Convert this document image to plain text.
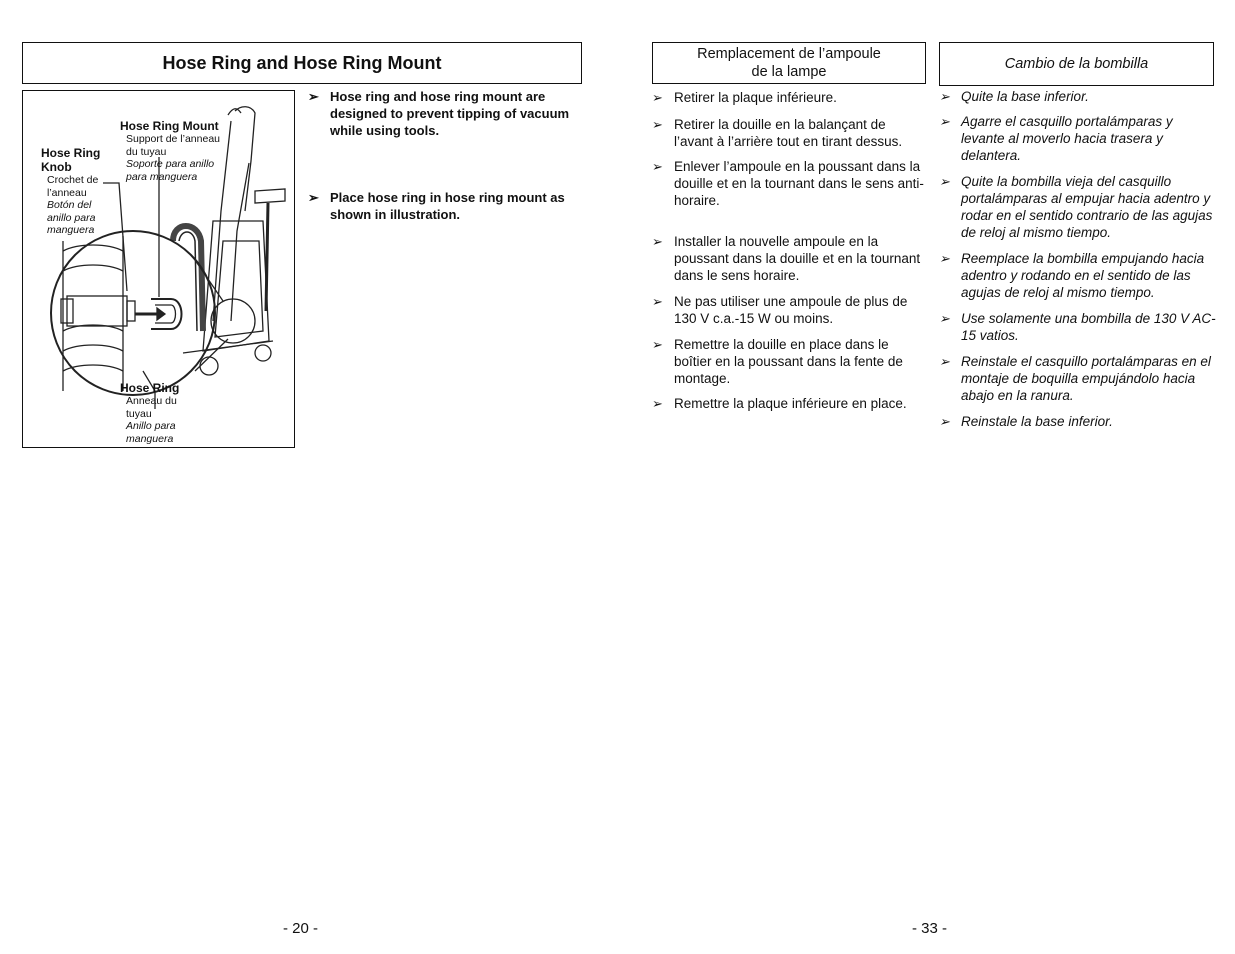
Hose Ring and Hose Ring Mount
Hose Ring Mount
Support de l’anneau du tuyau
Soporte para anillo para manguera
Hose Ring Knob
Crochet de l’anneau
Botón del anillo para manguera
Hose Ring
Anneau du tuyau
Anillo para manguera
➢ Hose ring and hose ring mount are designed to prevent tipping of vacuum while using tools.
➢ Place hose ring in hose ring mount as shown in illustration.
- 20 -
Remplacement de l’ampoule
de la lampe
➢ Retirer la plaque inférieure.
➢ Retirer la douille en la balançant de l’avant à l’arrière tout en tirant dessus.
➢ Enlever l’ampoule en la poussant dans la douille et en la tournant dans le sens anti-horaire.
➢ Installer la nouvelle ampoule en la poussant dans la douille et en la tournant dans le sens horaire.
➢ Ne pas utiliser une ampoule de plus de 130 V c.a.-15 W ou moins.
➢ Remettre la douille en place dans le boîtier en la poussant dans la fente de montage.
➢ Remettre la plaque inférieure en place.
Cambio de la bombilla
➢ Quite la base inferior.
➢ Agarre el casquillo portalámparas y levante al moverlo hacia trasera y delantera.
➢ Quite la bombilla vieja del casquillo portalámparas al empujar hacia adentro y rodar en el sentido contrario de las agujas de reloj al mismo tiempo.
➢ Reemplace la bombilla empujando hacia adentro y rodando en el sentido de las agujas de reloj al mismo tiempo.
➢ Use solamente una bombilla de 130 V AC-15 vatios.
➢ Reinstale el casquillo portalámparas en el montaje de boquilla empujándolo hacia abajo en la ranura.
➢ Reinstale la base inferior.
- 33 -
